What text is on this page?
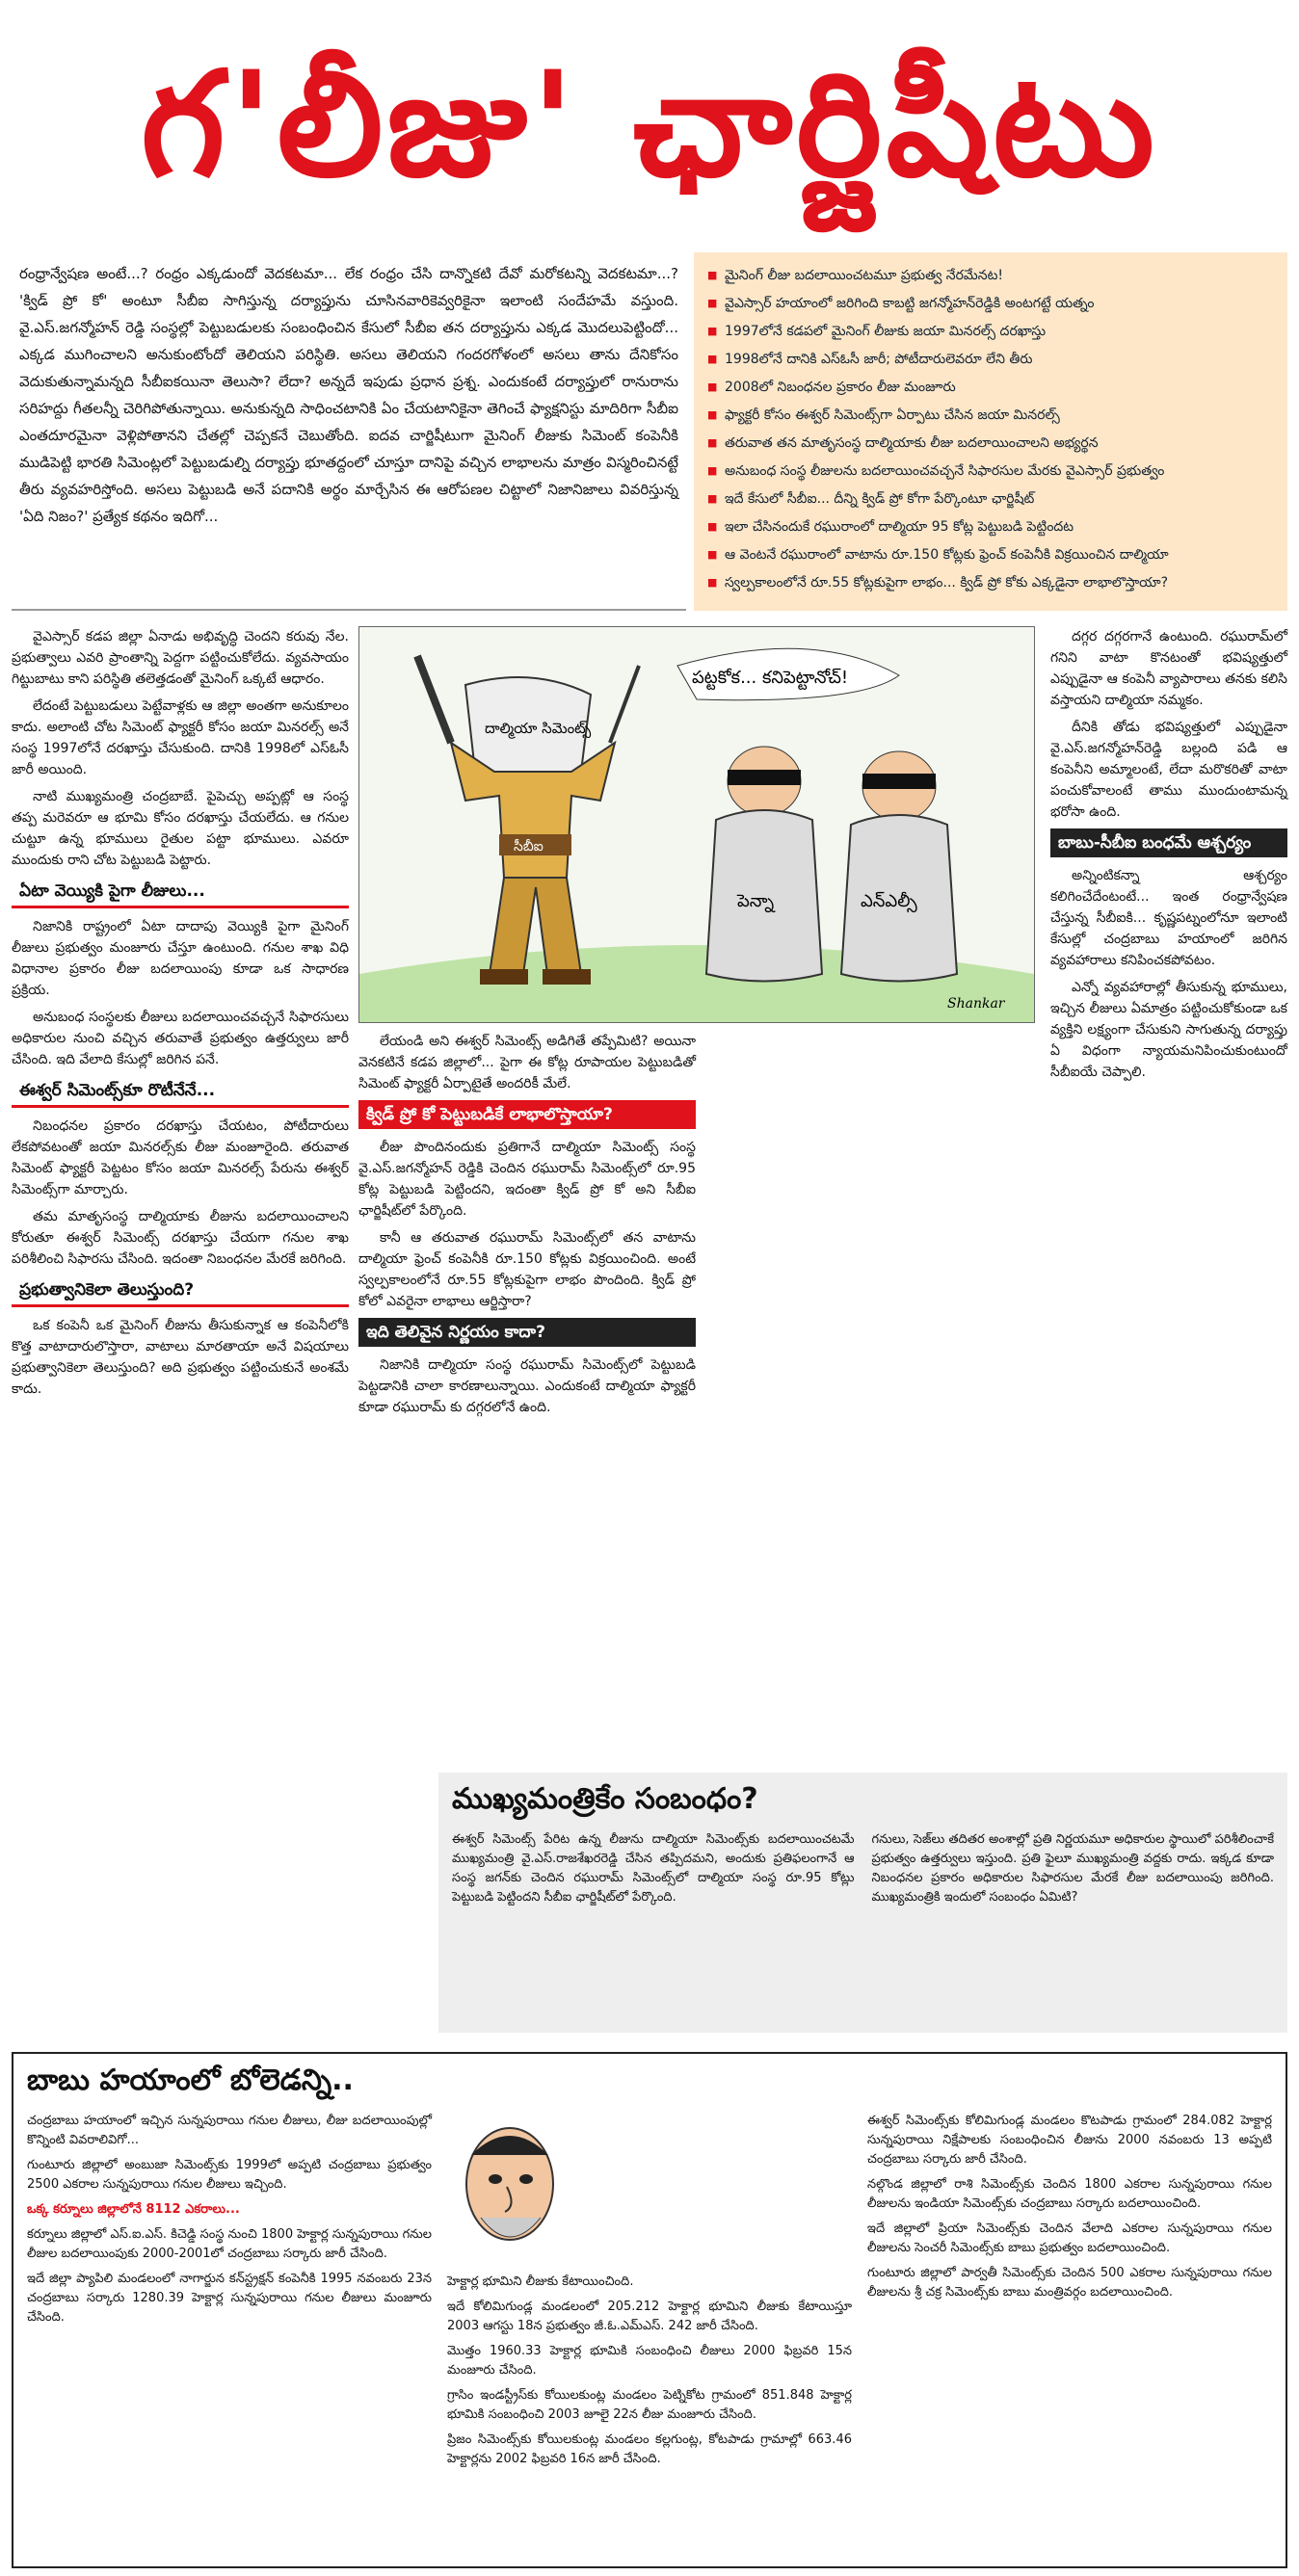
గ'లీజు' ఛార్జిషీటు
రంధ్రాన్వేషణ అంటే...? రంధ్రం ఎక్కడుందో వెదకటమా... లేక రంధ్రం చేసి దాన్నొకటి దేవో మరోకటన్ని వెదకటమా...? 'క్విడ్ ప్రో కో' అంటూ సీబీఐ సాగిస్తున్న దర్యాప్తును చూసినవారికెవ్వరికైనా ఇలాంటి సందేహమే వస్తుంది. వై.ఎస్.జగన్మోహన్ రెడ్డి సంస్థల్లో పెట్టుబడులకు సంబంధించిన కేసులో సీబీఐ తన దర్యాప్తును ఎక్కడ మొదలుపెట్టిందో... ఎక్కడ ముగించాలని అనుకుంటోందో తెలియని పరిస్థితి. అసలు తెలియని గందరగోళంలో అసలు తాను దేనికోసం వెదుకుతున్నామన్నది సీబీఐకయినా తెలుసా? లేదా? అన్నదే ఇపుడు ప్రధాన ప్రశ్న. ఎందుకంటే దర్యాప్తులో రానురాను సరిహద్దు గీతలన్నీ చెరిగిపోతున్నాయి. అనుకున్నది సాధించటానికి ఏం చేయటానికైనా తెగించే ఫ్యాక్షనిస్టు మాదిరిగా సీబీఐ ఎంతదూరమైనా వెళ్లిపోతానని చేతల్లో చెప్పకనే చెబుతోంది. ఐదవ చార్జిషీటుగా మైనింగ్ లీజుకు సిమెంట్ కంపెనీకి ముడిపెట్టి భారతి సిమెంట్లలో పెట్టుబడుల్ని దర్యాప్తు భూతద్దంలో చూస్తూ దానిపై వచ్చిన లాభాలను మాత్రం విస్మరించినట్టే తీరు వ్యవహరిస్తోంది. అసలు పెట్టుబడి అనే పదానికి అర్థం మార్చేసిన ఈ ఆరోపణల చిట్టాలో నిజానిజాలు వివరిస్తున్న 'ఏది నిజం?' ప్రత్యేక కథనం ఇదిగో...
■ మైనింగ్ లీజు బదలాయించటమూ ప్రభుత్వ నేరమేనట!
■ వైఎస్సార్ హయాంలో జరిగింది కాబట్టి జగన్మోహన్‌రెడ్డికి అంటగట్టే యత్నం
■ 1997లోనే కడపలో మైనింగ్ లీజుకు జయా మినరల్స్ దరఖాస్తు
■ 1998లోనే దానికి ఎస్ఓసీ జారీ; పోటీదారులెవరూ లేని తీరు
■ 2008లో నిబంధనల ప్రకారం లీజు మంజూరు
■ ఫ్యాక్టరీ కోసం ఈశ్వర్ సిమెంట్స్‌గా ఏర్పాటు చేసిన జయా మినరల్స్
■ తరువాత తన మాతృసంస్థ దాల్మియాకు లీజు బదలాయించాలని అభ్యర్థన
■ అనుబంధ సంస్థ లీజులను బదలాయించవచ్చనే సిఫారసుల మేరకు వైఎస్సార్ ప్రభుత్వం
■ ఇదే కేసులో సీబీఐ... దీన్ని క్విడ్ ప్రో కోగా పేర్కొంటూ ఛార్జిషీట్
■ ఇలా చేసినందుకే రఘురాంలో దాల్మియా 95 కోట్ల పెట్టుబడి పెట్టిందట
■ ఆ వెంటనే రఘురాంలో వాటాను రూ.150 కోట్లకు ఫ్రెంచ్ కంపెనీకి విక్రయించిన దాల్మియా
■ స్వల్పకాలంలోనే రూ.55 కోట్లకుపైగా లాభం... క్విడ్ ప్రో కోకు ఎక్కడైనా లాభాలొస్తాయా?
పట్టకోక... కనిపెట్టానోచ్!
దాల్మియా సిమెంట్స్
సీబీఐ
పెన్నా	ఎన్ఎల్సీ
Shankar

వైఎస్సార్ కడప జిల్లా ఏనాడు అభివృద్ధి చెందని కరువు నేల. ప్రభుత్వాలు ఎవరి ప్రాంతాన్ని పెద్దగా పట్టించుకోలేదు. వ్యవసాయం గిట్టుబాటు కాని పరిస్థితి తలెత్తడంతో మైనింగ్ ఒక్కటే ఆధారం.

లేదంటే పెట్టుబడులు పెట్టేవాళ్లకు ఆ జిల్లా అంతగా అనుకూలం కాదు. అలాంటి చోట సిమెంట్ ఫ్యాక్టరీ కోసం జయా మినరల్స్ అనే సంస్థ 1997లోనే దరఖాస్తు చేసుకుంది. దానికి 1998లో ఎస్ఓసీ జారీ అయింది.

నాటి ముఖ్యమంత్రి చంద్రబాబే. పైపెచ్చు అప్పట్లో ఆ సంస్థ తప్ప మరెవరూ ఆ భూమి కోసం దరఖాస్తు చేయలేదు. ఆ గనుల చుట్టూ ఉన్న భూములు రైతుల పట్టా భూములు. ఎవరూ ముందుకు రాని చోట పెట్టుబడి పెట్టారు.

ఏటా వెయ్యికి పైగా లీజులు...

నిజానికి రాష్ట్రంలో ఏటా దాదాపు వెయ్యికి పైగా మైనింగ్ లీజులు ప్రభుత్వం మంజూరు చేస్తూ ఉంటుంది. గనుల శాఖ విధి విధానాల ప్రకారం లీజు బదలాయింపు కూడా ఒక సాధారణ ప్రక్రియ.

అనుబంధ సంస్థలకు లీజులు బదలాయించవచ్చనే సిఫారసులు అధికారుల నుంచి వచ్చిన తరువాతే ప్రభుత్వం ఉత్తర్వులు జారీ చేసింది. ఇది వేలాది కేసుల్లో జరిగిన పనే.

ఈశ్వర్ సిమెంట్స్‌కూ రొటీనేనే...

నిబంధనల ప్రకారం దరఖాస్తు చేయటం, పోటీదారులు లేకపోవటంతో జయా మినరల్స్‌కు లీజు మంజూరైంది. తరువాత సిమెంట్ ఫ్యాక్టరీ పెట్టటం కోసం జయా మినరల్స్ పేరును ఈశ్వర్ సిమెంట్స్‌గా మార్చారు.

తమ మాతృసంస్థ దాల్మియాకు లీజును బదలాయించాలని కోరుతూ ఈశ్వర్ సిమెంట్స్ దరఖాస్తు చేయగా గనుల శాఖ పరిశీలించి సిఫారసు చేసింది. ఇదంతా నిబంధనల మేరకే జరిగింది.

ప్రభుత్వానికెలా తెలుస్తుంది?

ఒక కంపెనీ ఒక మైనింగ్ లీజును తీసుకున్నాక ఆ కంపెనీలోకి కొత్త వాటాదారులొస్తారా, వాటాలు మారతాయా అనే విషయాలు ప్రభుత్వానికెలా తెలుస్తుంది? అది ప్రభుత్వం పట్టించుకునే అంశమే కాదు.

లేయండి అని ఈశ్వర్ సిమెంట్స్ అడిగితే తప్పేమిటి? అయినా వెనకటినే కడప జిల్లాలో... పైగా ఈ కోట్ల రూపాయల పెట్టుబడితో సిమెంట్ ఫ్యాక్టరీ ఏర్పాటైతే అందరికీ మేలే.

క్విడ్ ప్రో కో పెట్టుబడికే లాభాలొస్తాయా?

లీజు పొందినందుకు ప్రతిగానే దాల్మియా సిమెంట్స్ సంస్థ వై.ఎస్.జగన్మోహన్ రెడ్డికి చెందిన రఘురామ్ సిమెంట్స్‌లో రూ.95 కోట్ల పెట్టుబడి పెట్టిందని, ఇదంతా క్విడ్ ప్రో కో అని సీబీఐ ఛార్జిషీట్‌లో పేర్కొంది.

కానీ ఆ తరువాత రఘురామ్ సిమెంట్స్‌లో తన వాటాను దాల్మియా ఫ్రెంచ్ కంపెనీకి రూ.150 కోట్లకు విక్రయించింది. అంటే స్వల్పకాలంలోనే రూ.55 కోట్లకుపైగా లాభం పొందింది. క్విడ్ ప్రో కోలో ఎవరైనా లాభాలు ఆర్జిస్తారా?

ఇది తెలివైన నిర్ణయం కాదా?

నిజానికి దాల్మియా సంస్థ రఘురామ్ సిమెంట్స్‌లో పెట్టుబడి పెట్టడానికి చాలా కారణాలున్నాయి. ఎందుకంటే దాల్మియా ఫ్యాక్టరీ కూడా రఘురామ్ కు దగ్గరలోనే ఉంది.

దగ్గర దగ్గరగానే ఉంటుంది. రఘురామ్‌లో గనిని వాటా కొనటంతో భవిష్యత్తులో ఎప్పుడైనా ఆ కంపెనీ వ్యాపారాలు తనకు కలిసి వస్తాయని దాల్మియా నమ్మకం.

దీనికి తోడు భవిష్యత్తులో ఎప్పుడైనా వై.ఎస్.జగన్మోహన్‌రెడ్డి బల్లంది పడి ఆ కంపెనీని అమ్మాలంటే, లేదా మరొకరితో వాటా పంచుకోవాలంటే తాము ముందుంటామన్న భరోసా ఉంది.

బాబు-సీబీఐ బంధమే ఆశ్చర్యం

అన్నింటికన్నా ఆశ్చర్యం కలిగించేదేంటంటే... ఇంత రంధ్రాన్వేషణ చేస్తున్న సీబీఐకి... కృష్ణపట్నంలోనూ ఇలాంటి కేసుల్లో చంద్రబాబు హయాంలో జరిగిన వ్యవహారాలు కనిపించకపోవటం.

ఎన్నో వ్యవహారాల్లో తీసుకున్న భూములు, ఇచ్చిన లీజులు ఏమాత్రం పట్టించుకోకుండా ఒక వ్యక్తిని లక్ష్యంగా చేసుకుని సాగుతున్న దర్యాప్తు ఏ విధంగా న్యాయమనిపించుకుంటుందో సీబీఐయే చెప్పాలి.

ముఖ్యమంత్రికేం సంబంధం?
ఈశ్వర్ సిమెంట్స్ పేరిట ఉన్న లీజును దాల్మియా సిమెంట్స్‌కు బదలాయించటమే ముఖ్యమంత్రి వై.ఎస్.రాజశేఖరరెడ్డి చేసిన తప్పిదమని, అందుకు ప్రతిఫలంగానే ఆ సంస్థ జగన్‌కు చెందిన రఘురామ్ సిమెంట్స్‌లో దాల్మియా సంస్థ రూ.95 కోట్లు పెట్టుబడి పెట్టిందని సీబీఐ ఛార్జిషీట్‌లో పేర్కొంది.
గనులు, సెజ్‌లు తదితర అంశాల్లో ప్రతి నిర్ణయమూ అధికారుల స్థాయిలో పరిశీలించాకే ప్రభుత్వం ఉత్తర్వులు ఇస్తుంది. ప్రతి ఫైలూ ముఖ్యమంత్రి వద్దకు రాదు. ఇక్కడ కూడా నిబంధనల ప్రకారం అధికారుల సిఫారసుల మేరకే లీజు బదలాయింపు జరిగింది. ముఖ్యమంత్రికి ఇందులో సంబంధం ఏమిటి?
బాబు హయాంలో బోలెడన్ని..

చంద్రబాబు హయాంలో ఇచ్చిన సున్నపురాయి గనుల లీజులు, లీజు బదలాయింపుల్లో కొన్నింటి వివరాలివిగో...

గుంటూరు జిల్లాలో అంబుజా సిమెంట్స్‌కు 1999లో అప్పటి చంద్రబాబు ప్రభుత్వం 2500 ఎకరాల సున్నపురాయి గనుల లీజులు ఇచ్చింది.

ఒక్క కర్నూలు జిల్లాలోనే 8112 ఎకరాలు...

కర్నూలు జిల్లాలో ఎస్.ఐ.ఎస్. కిచెడ్డి సంస్థ నుంచి 1800 హెక్టార్ల సున్నపురాయి గనుల లీజుల బదలాయింపుకు 2000-2001లో చంద్రబాబు సర్కారు జారీ చేసింది.

ఇదే జిల్లా ప్యాపిలి మండలంలో నాగార్జున కన్‌స్ట్రక్షన్ కంపెనీకి 1995 నవంబరు 23న చంద్రబాబు సర్కారు 1280.39 హెక్టార్ల సున్నపురాయి గనుల లీజులు మంజూరు చేసింది.

హెక్టార్ల భూమిని లీజుకు కేటాయించింది.

ఇదే కోలిమిగుండ్ల మండలంలో 205.212 హెక్టార్ల భూమిని లీజుకు కేటాయిస్తూ 2003 ఆగస్టు 18న ప్రభుత్వం జీ.ఓ.ఎమ్ఎస్. 242 జారీ చేసింది.

మొత్తం 1960.33 హెక్టార్ల భూమికి సంబంధించి లీజులు 2000 ఫిబ్రవరి 15న మంజూరు చేసింది.

గ్రాసిం ఇండస్ట్రీస్‌కు కోయిలకుంట్ల మండలం పెట్నికోట గ్రామంలో 851.848 హెక్టార్ల భూమికి సంబంధించి 2003 జూలై 22న లీజు మంజూరు చేసింది.

ప్రిజం సిమెంట్స్‌కు కోయిలకుంట్ల మండలం కల్లగుంట్ల, కోటపాడు గ్రామాల్లో 663.46 హెక్టార్లను 2002 ఫిబ్రవరి 16న జారీ చేసింది.

ఈశ్వర్ సిమెంట్స్‌కు కోలిమిగుండ్ల మండలం కొటపాడు గ్రామంలో 284.082 హెక్టార్ల సున్నపురాయి నిక్షేపాలకు సంబంధించిన లీజును 2000 నవంబరు 13 అప్పటి చంద్రబాబు సర్కారు జారీ చేసింది.

నల్గొండ జిల్లాలో రాశి సిమెంట్స్‌కు చెందిన 1800 ఎకరాల సున్నపురాయి గనుల లీజులను ఇండియా సిమెంట్స్‌కు చంద్రబాబు సర్కారు బదలాయించింది.

ఇదే జిల్లాలో ప్రియా సిమెంట్స్‌కు చెందిన వేలాది ఎకరాల సున్నపురాయి గనుల లీజులను సెంచరీ సిమెంట్స్‌కు బాబు ప్రభుత్వం బదలాయించింది.

గుంటూరు జిల్లాలో పార్వతీ సిమెంట్స్‌కు చెందిన 500 ఎకరాల సున్నపురాయి గనుల లీజులను శ్రీ చక్ర సిమెంట్స్‌కు బాబు మంత్రివర్గం బదలాయించింది.
